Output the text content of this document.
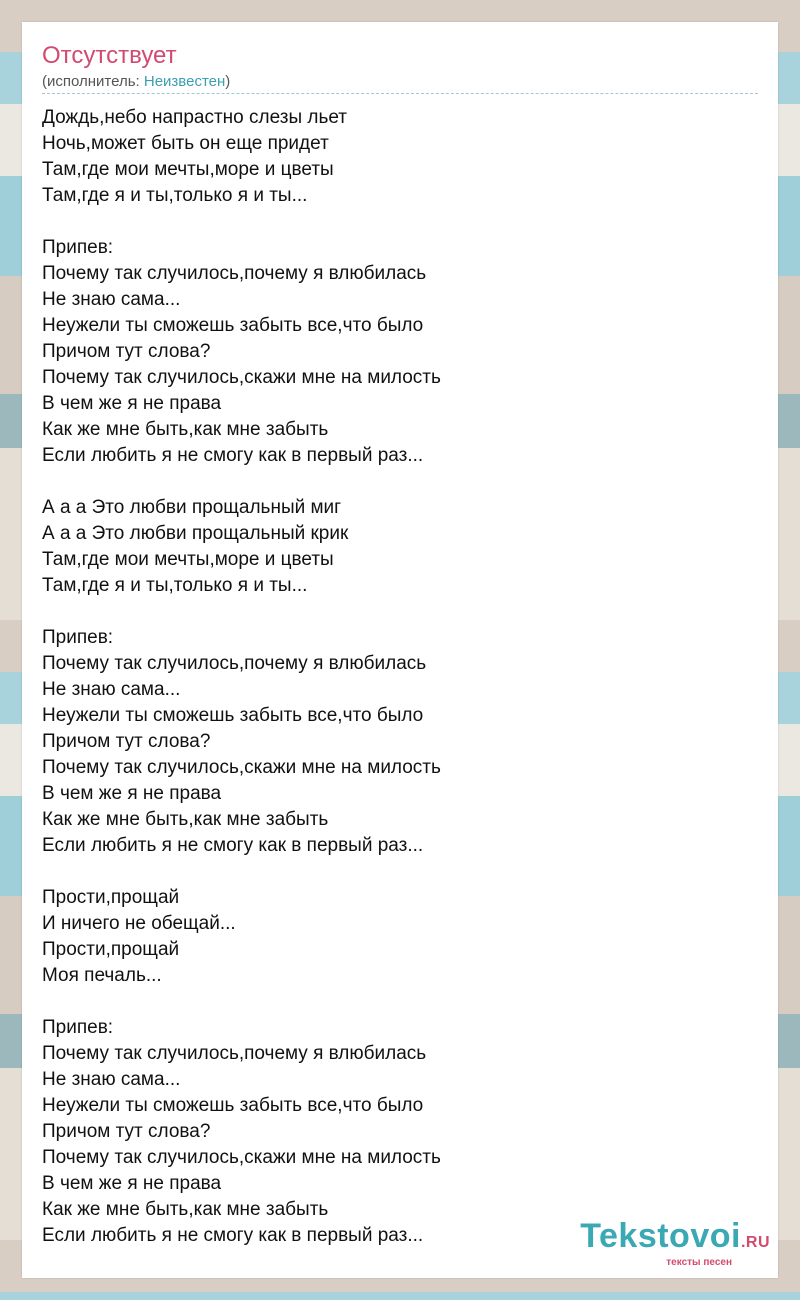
Отсутствует
(исполнитель: Неизвестен)
Дождь,небо напрастно слезы льет
Ночь,может быть он еще придет
Там,где мои мечты,море и цветы
Там,где я и ты,только я и ты...
Припев:
Почему так случилось,почему я влюбилась
Не знаю сама...
Неужели ты сможешь забыть все,что было
Причом тут слова?
Почему так случилось,скажи мне на милость
В чем же я не права
Как же мне быть,как мне забыть
Если любить я не смогу как в первый раз...
А а а Это любви прощальный миг
А а а Это любви прощальный крик
Там,где мои мечты,море и цветы
Там,где я и ты,только я и ты...
Припев:
Почему так случилось,почему я влюбилась
Не знаю сама...
Неужели ты сможешь забыть все,что было
Причом тут слова?
Почему так случилось,скажи мне на милость
В чем же я не права
Как же мне быть,как мне забыть
Если любить я не смогу как в первый раз...
Прости,прощай
И ничего не обещай...
Прости,прощай
Моя печаль...
Припев:
Почему так случилось,почему я влюбилась
Не знаю сама...
Неужели ты сможешь забыть все,что было
Причом тут слова?
Почему так случилось,скажи мне на милость
В чем же я не права
Как же мне быть,как мне забыть
Если любить я не смогу как в первый раз...	Tekstovoi.RU
тексты песен
